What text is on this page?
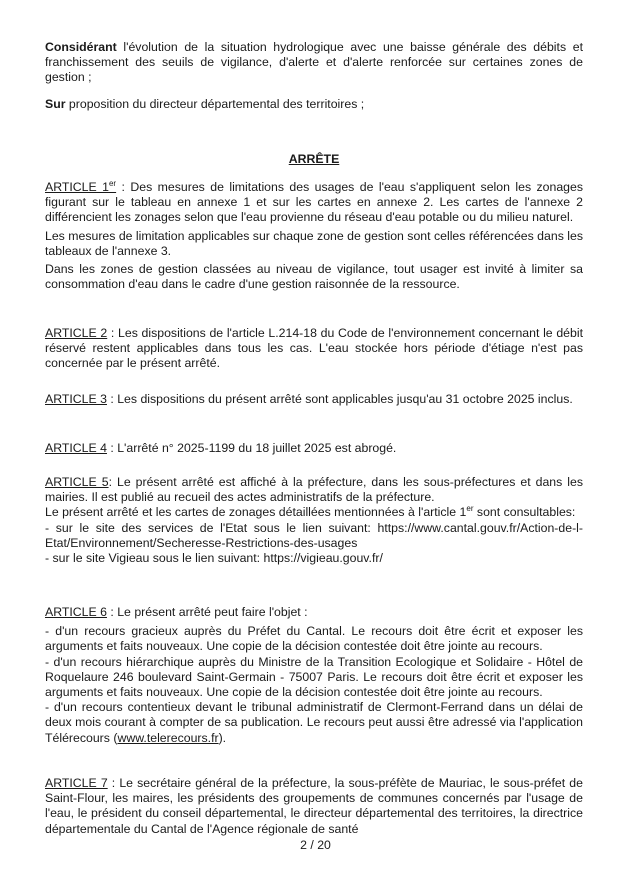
Considérant l'évolution de la situation hydrologique avec une baisse générale des débits et franchissement des seuils de vigilance, d'alerte et d'alerte renforcée sur certaines zones de gestion ;

Sur proposition du directeur départemental des territoires ;

ARRÊTE

ARTICLE 1er : Des mesures de limitations des usages de l'eau s'appliquent selon les zonages figurant sur le tableau en annexe 1 et sur les cartes en annexe 2. Les cartes de l'annexe 2 différencient les zonages selon que l'eau provienne du réseau d'eau potable ou du milieu naturel.

Les mesures de limitation applicables sur chaque zone de gestion sont celles référencées dans les tableaux de l'annexe 3.

Dans les zones de gestion classées au niveau de vigilance, tout usager est invité à limiter sa consommation d'eau dans le cadre d'une gestion raisonnée de la ressource.

ARTICLE 2 : Les dispositions de l'article L.214-18 du Code de l'environnement concernant le débit réservé restent applicables dans tous les cas. L'eau stockée hors période d'étiage n'est pas concernée par le présent arrêté.

ARTICLE 3 : Les dispositions du présent arrêté sont applicables jusqu'au 31 octobre 2025 inclus.

ARTICLE 4 : L'arrêté n° 2025-1199 du 18 juillet 2025 est abrogé.

ARTICLE 5: Le présent arrêté est affiché à la préfecture, dans les sous-préfectures et dans les mairies. Il est publié au recueil des actes administratifs de la préfecture.

Le présent arrêté et les cartes de zonages détaillées mentionnées à l'article 1er sont consultables:

- sur le site des services de l'Etat sous le lien suivant: https://www.cantal.gouv.fr/Action-de-l-Etat/Environnement/Secheresse-Restrictions-des-usages

- sur le site Vigieau sous le lien suivant: https://vigieau.gouv.fr/

ARTICLE 6 : Le présent arrêté peut faire l'objet :

- d'un recours gracieux auprès du Préfet du Cantal. Le recours doit être écrit et exposer les arguments et faits nouveaux. Une copie de la décision contestée doit être jointe au recours.

- d'un recours hiérarchique auprès du Ministre de la Transition Ecologique et Solidaire - Hôtel de Roquelaure 246 boulevard Saint-Germain - 75007 Paris. Le recours doit être écrit et exposer les arguments et faits nouveaux. Une copie de la décision contestée doit être jointe au recours.

- d'un recours contentieux devant le tribunal administratif de Clermont-Ferrand dans un délai de deux mois courant à compter de sa publication. Le recours peut aussi être adressé via l'application Télérecours (www.telerecours.fr).

ARTICLE 7 : Le secrétaire général de la préfecture, la sous-préfète de Mauriac, le sous-préfet de Saint-Flour, les maires, les présidents des groupements de communes concernés par l'usage de l'eau, le président du conseil départemental, le directeur départemental des territoires, la directrice départementale du Cantal de l'Agence régionale de santé

2 / 20
